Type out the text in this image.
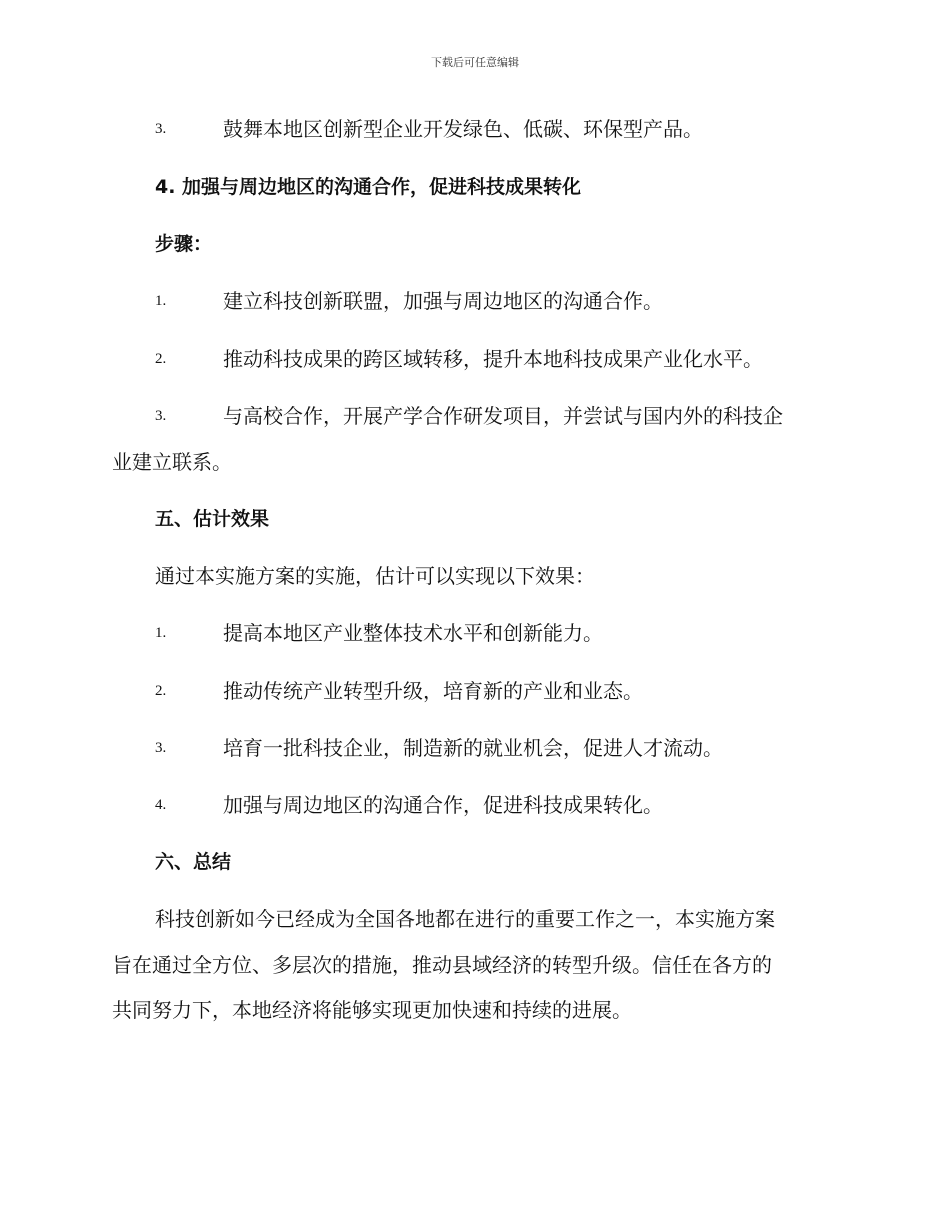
下载后可任意编辑
3.	鼓舞本地区创新型企业开发绿色、低碳、环保型产品。
4. 加强与周边地区的沟通合作，促进科技成果转化
步骤：
1.	建立科技创新联盟，加强与周边地区的沟通合作。
2.	推动科技成果的跨区域转移，提升本地科技成果产业化水平。
3.	与高校合作，开展产学合作研发项目，并尝试与国内外的科技企
业建立联系。
五、估计效果
通过本实施方案的实施，估计可以实现以下效果：
1.	提高本地区产业整体技术水平和创新能力。
2.	推动传统产业转型升级，培育新的产业和业态。
3.	培育一批科技企业，制造新的就业机会，促进人才流动。
4.	加强与周边地区的沟通合作，促进科技成果转化。
六、总结
科技创新如今已经成为全国各地都在进行的重要工作之一，本实施方案
旨在通过全方位、多层次的措施，推动县域经济的转型升级。信任在各方的
共同努力下，本地经济将能够实现更加快速和持续的进展。
